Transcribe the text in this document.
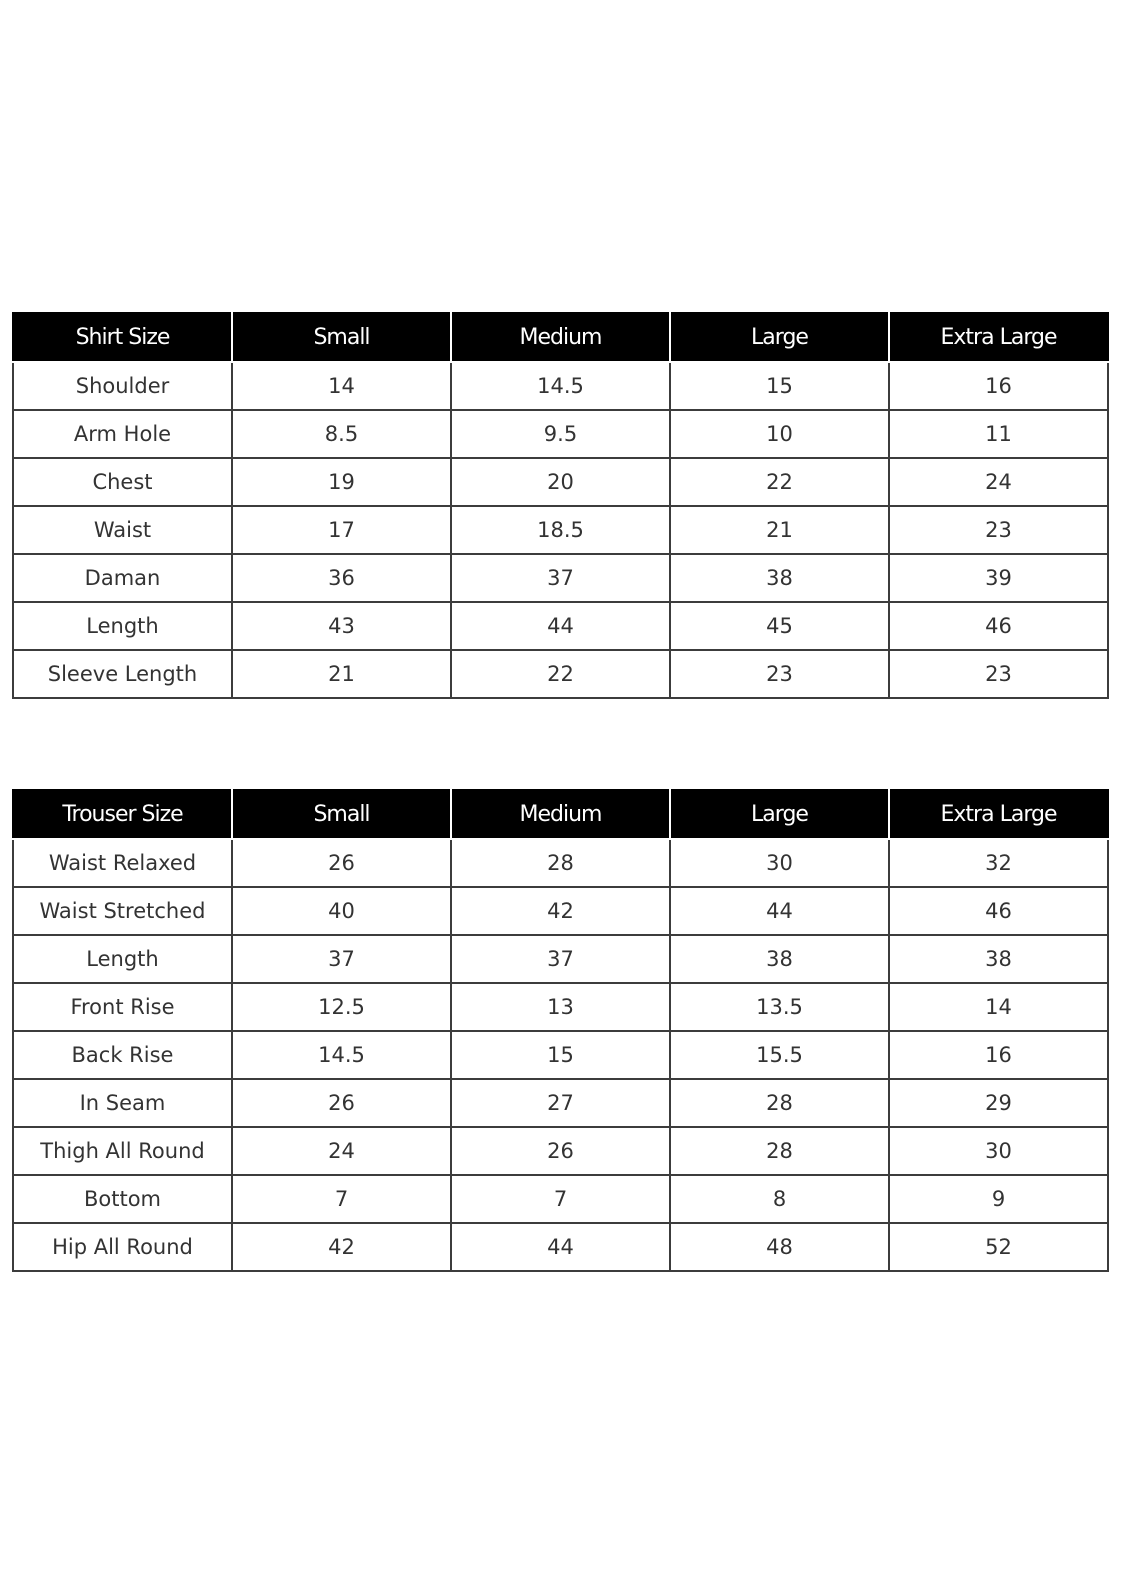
Shirt Size	Small	Medium	Large	Extra Large
Shoulder	14	14.5	15	16
Arm Hole	8.5	9.5	10	11
Chest	19	20	22	24
Waist	17	18.5	21	23
Daman	36	37	38	39
Length	43	44	45	46
Sleeve Length	21	22	23	23
Trouser Size	Small	Medium	Large	Extra Large
Waist Relaxed	26	28	30	32
Waist Stretched	40	42	44	46
Length	37	37	38	38
Front Rise	12.5	13	13.5	14
Back Rise	14.5	15	15.5	16
In Seam	26	27	28	29
Thigh All Round	24	26	28	30
Bottom	7	7	8	9
Hip All Round	42	44	48	52
